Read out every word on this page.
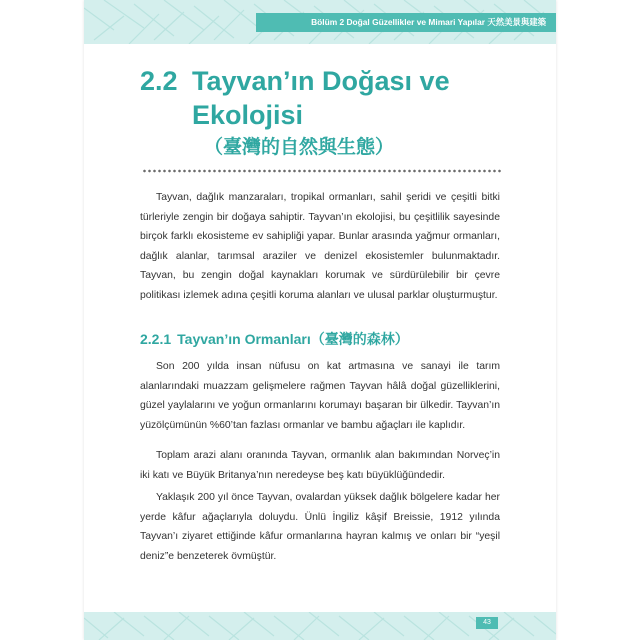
Bölüm 2 Doğal Güzellikler ve Mimari Yapılar 天然美景與建築
2.2 Tayvan’ın Doğası ve
Ekolojisi
（臺灣的自然與生態）

Tayvan, dağlık manzaraları, tropikal ormanları, sahil şeridi ve çeşitli bitki türleriyle zengin bir doğaya sahiptir. Tayvan’ın ekolojisi, bu çeşitlilik sayesinde birçok farklı ekosisteme ev sahipliği yapar. Bunlar arasında yağmur ormanları, dağlık alanlar, tarımsal araziler ve denizel ekosistemler bulunmaktadır. Tayvan, bu zengin doğal kaynakları korumak ve sürdürülebilir bir çevre politikası izlemek adına çeşitli koruma alanları ve ulusal parklar oluşturmuştur.

2.2.1 Tayvan’ın Ormanları（臺灣的森林）

Son 200 yılda insan nüfusu on kat artmasına ve sanayi ile tarım alanlarındaki muazzam gelişmelere rağmen Tayvan hâlâ doğal güzelliklerini, güzel yaylalarını ve yoğun ormanlarını korumayı başaran bir ülkedir. Tayvan’ın yüzölçümünün %60’tan fazlası ormanlar ve bambu ağaçları ile kaplıdır.

Toplam arazi alanı oranında Tayvan, ormanlık alan bakımından Norveç’in iki katı ve Büyük Britanya’nın neredeyse beş katı büyüklüğündedir.

Yaklaşık 200 yıl önce Tayvan, ovalardan yüksek dağlık bölgelere kadar her yerde kâfur ağaçlarıyla doluydu. Ünlü İngiliz kâşif Breissie, 1912 yılında Tayvan’ı ziyaret ettiğinde kâfur ormanlarına hayran kalmış ve onları bir “yeşil deniz”e benzeterek övmüştür.

43
